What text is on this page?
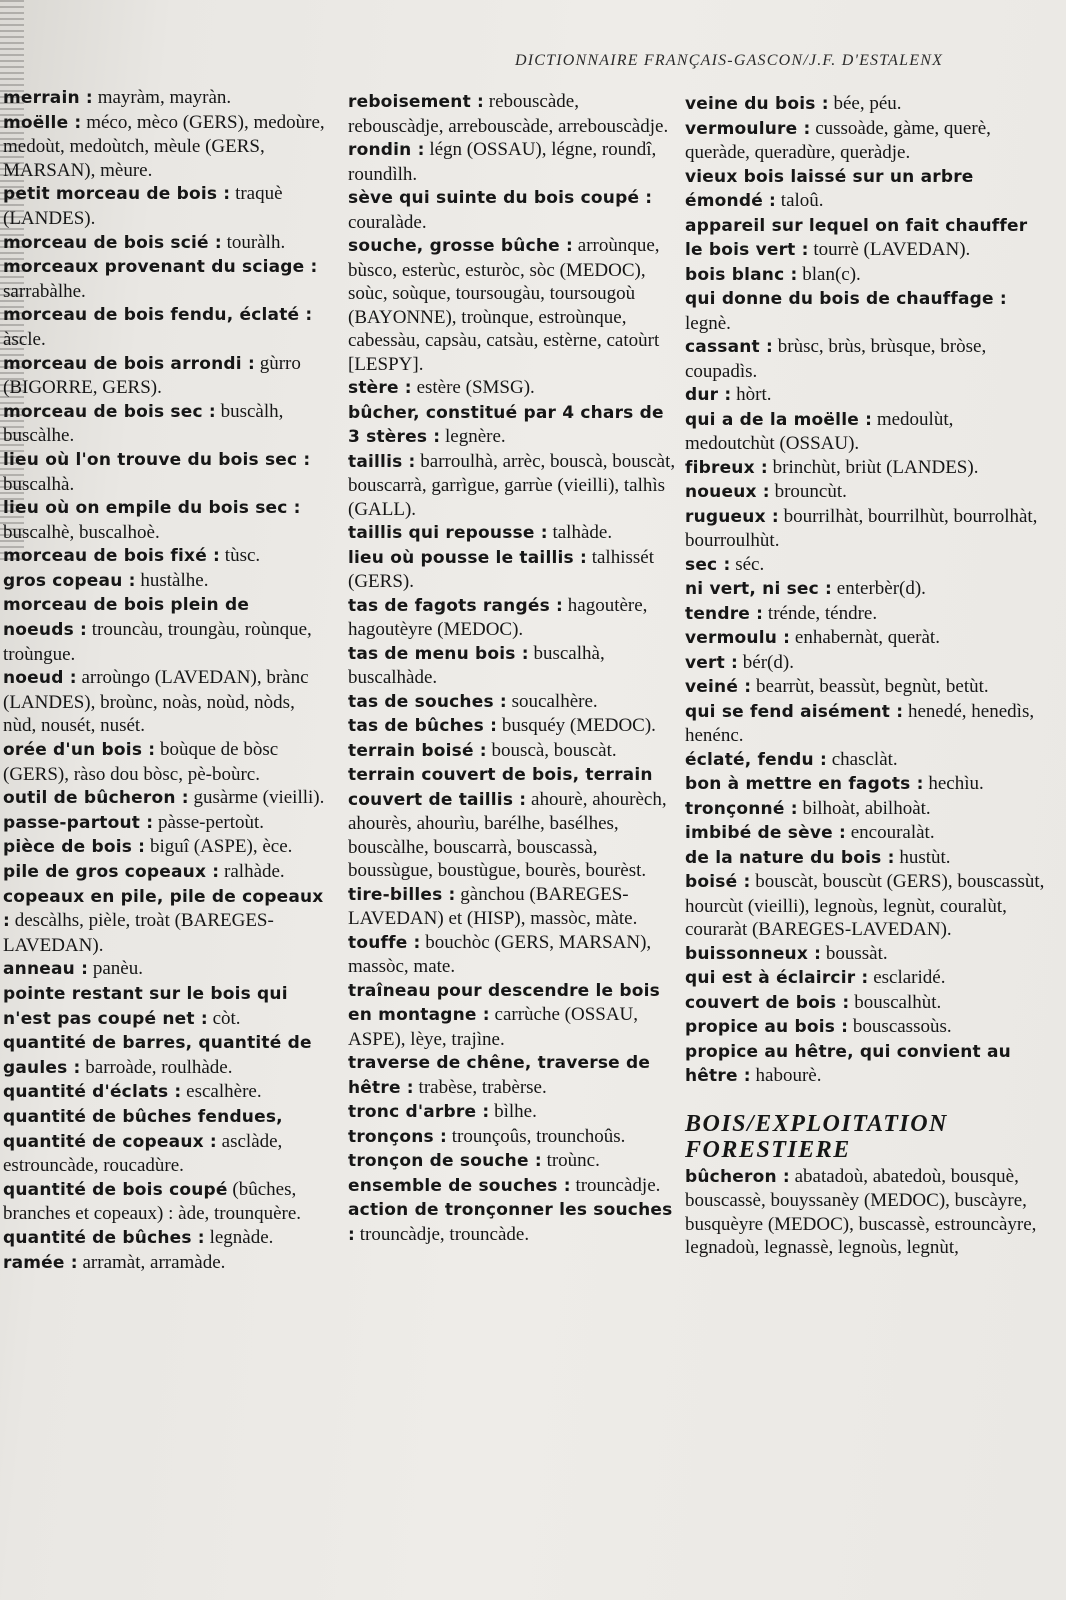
DICTIONNAIRE FRANÇAIS-GASCON/J.F. D'ESTALENX
merrain : mayràm, mayràn.
moëlle : méco, mèco (GERS), medoùre, medoùt, medoùtch, mèule (GERS, MARSAN), mèure.
petit morceau de bois : traquè (LANDES).
morceau de bois scié : touràlh.
morceaux provenant du sciage : sarrabàlhe.
morceau de bois fendu, éclaté : àscle.
morceau de bois arrondi : gùrro (BIGORRE, GERS).
morceau de bois sec : buscàlh, buscàlhe.
lieu où l'on trouve du bois sec : buscalhà.
lieu où on empile du bois sec : buscalhè, buscalhoè.
morceau de bois fixé : tùsc.
gros copeau : hustàlhe.
morceau de bois plein de noeuds : trouncàu, troungàu, roùnque, troùngue.
noeud : arroùngo (LAVEDAN), brànc (LANDES), broùnc, noàs, noùd, nòds, nùd, nousét, nusét.
orée d'un bois : boùque de bòsc (GERS), ràso dou bòsc, pè-boùrc.
outil de bûcheron : gusàrme (vieilli).
passe-partout : pàsse-pertoùt.
pièce de bois : biguî (ASPE), èce.
pile de gros copeaux : ralhàde.
copeaux en pile, pile de copeaux : descàlhs, pièle, troàt (BAREGES-LAVEDAN).
anneau : panèu.
pointe restant sur le bois qui n'est pas coupé net : còt.
quantité de barres, quantité de gaules : barroàde, roulhàde.
quantité d'éclats : escalhère.
quantité de bûches fendues, quantité de copeaux : asclàde, estrouncàde, roucadùre.
quantité de bois coupé (bûches, branches et copeaux) : àde, trounquère.
quantité de bûches : legnàde.
ramée : arramàt, arramàde.
reboisement : rebouscàde, rebouscàdje, arrebouscàde, arrebouscàdje.
rondin : légn (OSSAU), légne, roundî, roundìlh.
sève qui suinte du bois coupé : couralàde.
souche, grosse bûche : arroùnque, bùsco, esterùc, esturòc, sòc (MEDOC), soùc, soùque, toursougàu, toursougoù (BAYONNE), troùnque, estroùnque, cabessàu, capsàu, catsàu, estèrne, catoùrt [LESPY].
stère : estère (SMSG).
bûcher, constitué par 4 chars de 3 stères : legnère.
taillis : barroulhà, arrèc, bouscà, bouscàt, bouscarrà, garrìgue, garrùe (vieilli), talhìs (GALL).
taillis qui repousse : talhàde.
lieu où pousse le taillis : talhissét (GERS).
tas de fagots rangés : hagoutère, hagoutèyre (MEDOC).
tas de menu bois : buscalhà, buscalhàde.
tas de souches : soucalhère.
tas de bûches : busquéy (MEDOC).
terrain boisé : bouscà, bouscàt.
terrain couvert de bois, terrain couvert de taillis : ahourè, ahourèch, ahourès, ahourìu, barélhe, basélhes, bouscàlhe, bouscarrà, bouscassà, boussùgue, boustùgue, bourès, bourèst.
tire-billes : gànchou (BAREGES-LAVEDAN) et (HISP), massòc, màte.
touffe : bouchòc (GERS, MARSAN), massòc, mate.
traîneau pour descendre le bois en montagne : carrùche (OSSAU, ASPE), lèye, trajìne.
traverse de chêne, traverse de hêtre : trabèse, trabèrse.
tronc d'arbre : bìlhe.
tronçons : trounçoûs, trounchoûs.
tronçon de souche : troùnc.
ensemble de souches : trouncàdje.
action de tronçonner les souches : trouncàdje, trouncàde.
veine du bois : bée, péu.
vermoulure : cussoàde, gàme, querè, queràde, queradùre, queràdje.
vieux bois laissé sur un arbre émondé : taloû.
appareil sur lequel on fait chauffer le bois vert : tourrè (LAVEDAN).
bois blanc : blan(c).
qui donne du bois de chauffage : legnè.
cassant : brùsc, brùs, brùsque, bròse, coupadìs.
dur : hòrt.
qui a de la moëlle : medoulùt, medoutchùt (OSSAU).
fibreux : brinchùt, briùt (LANDES).
noueux : brouncùt.
rugueux : bourrilhàt, bourrilhùt, bourrolhàt, bourroulhùt.
sec : séc.
ni vert, ni sec : enterbèr(d).
tendre : trénde, téndre.
vermoulu : enhabernàt, queràt.
vert : bér(d).
veiné : bearrùt, beassùt, begnùt, betùt.
qui se fend aisément : henedé, henedìs, henénc.
éclaté, fendu : chasclàt.
bon à mettre en fagots : hechìu.
tronçonné : bilhoàt, abilhoàt.
imbibé de sève : encouralàt.
de la nature du bois : hustùt.
boisé : bouscàt, bouscùt (GERS), bouscassùt, hourcùt (vieilli), legnoùs, legnùt, couralùt, couraràt (BAREGES-LAVEDAN).
buissonneux : boussàt.
qui est à éclaircir : esclaridé.
couvert de bois : bouscalhùt.
propice au bois : bouscassoùs.
propice au hêtre, qui convient au hêtre : habourè.
BOIS/EXPLOITATION
FORESTIERE
bûcheron : abatadoù, abatedoù, bousquè, bouscassè, bouyssanèy (MEDOC), buscàyre, busquèyre (MEDOC), buscassè, estrouncàyre, legnadoù, legnassè, legnoùs, legnùt,
